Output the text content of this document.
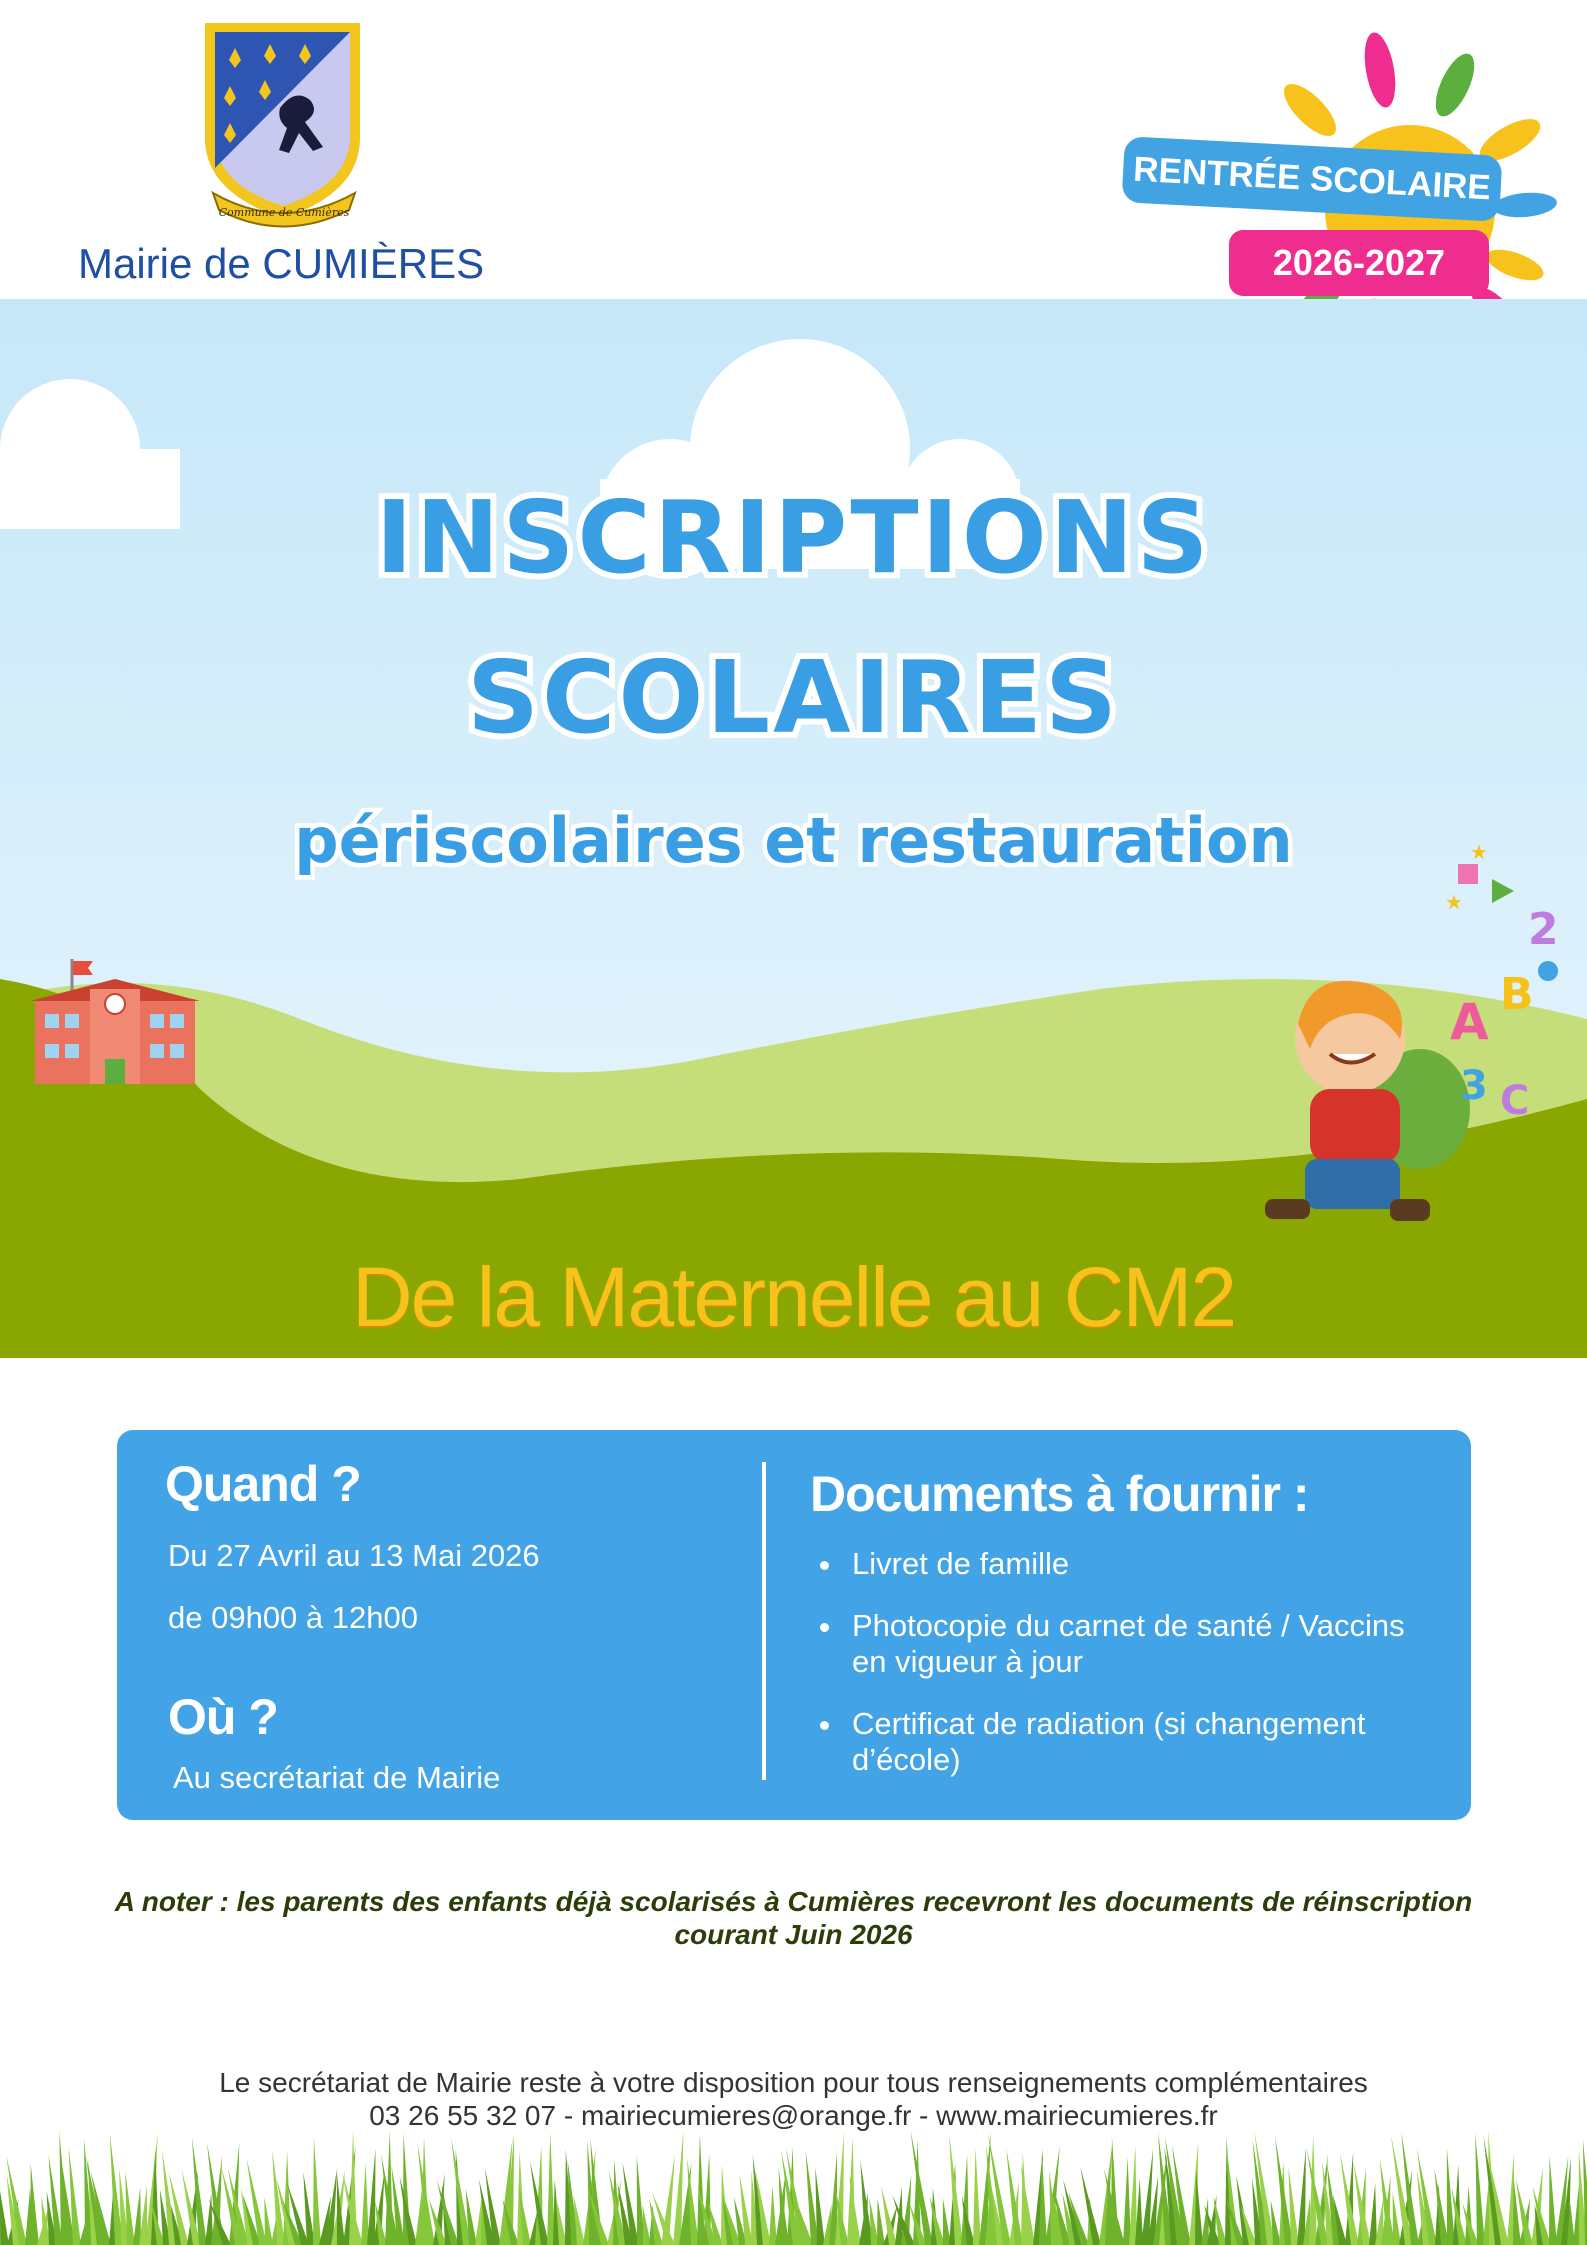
Commune de Cumières
Mairie de CUMIÈRES
RENTRÉE SCOLAIRE
2026-2027
2
B
A
3 C
★
★
INSCRIPTIONS
SCOLAIRES
périscolaires et restauration
De la Maternelle au CM2
Quand ?
Du 27 Avril au 13 Mai 2026
de 09h00 à 12h00
Où ?
Au secrétariat de Mairie
Documents à fournir :
Livret de famille
Photocopie du carnet de santé / Vaccins en vigueur à jour
Certificat de radiation (si changement d’école)
A noter : les parents des enfants déjà scolarisés à Cumières recevront les documents de réinscription courant Juin 2026
Le secrétariat de Mairie reste à votre disposition pour tous renseignements complémentaires
03 26 55 32 07 - mairiecumieres@orange.fr - www.mairiecumieres.fr
